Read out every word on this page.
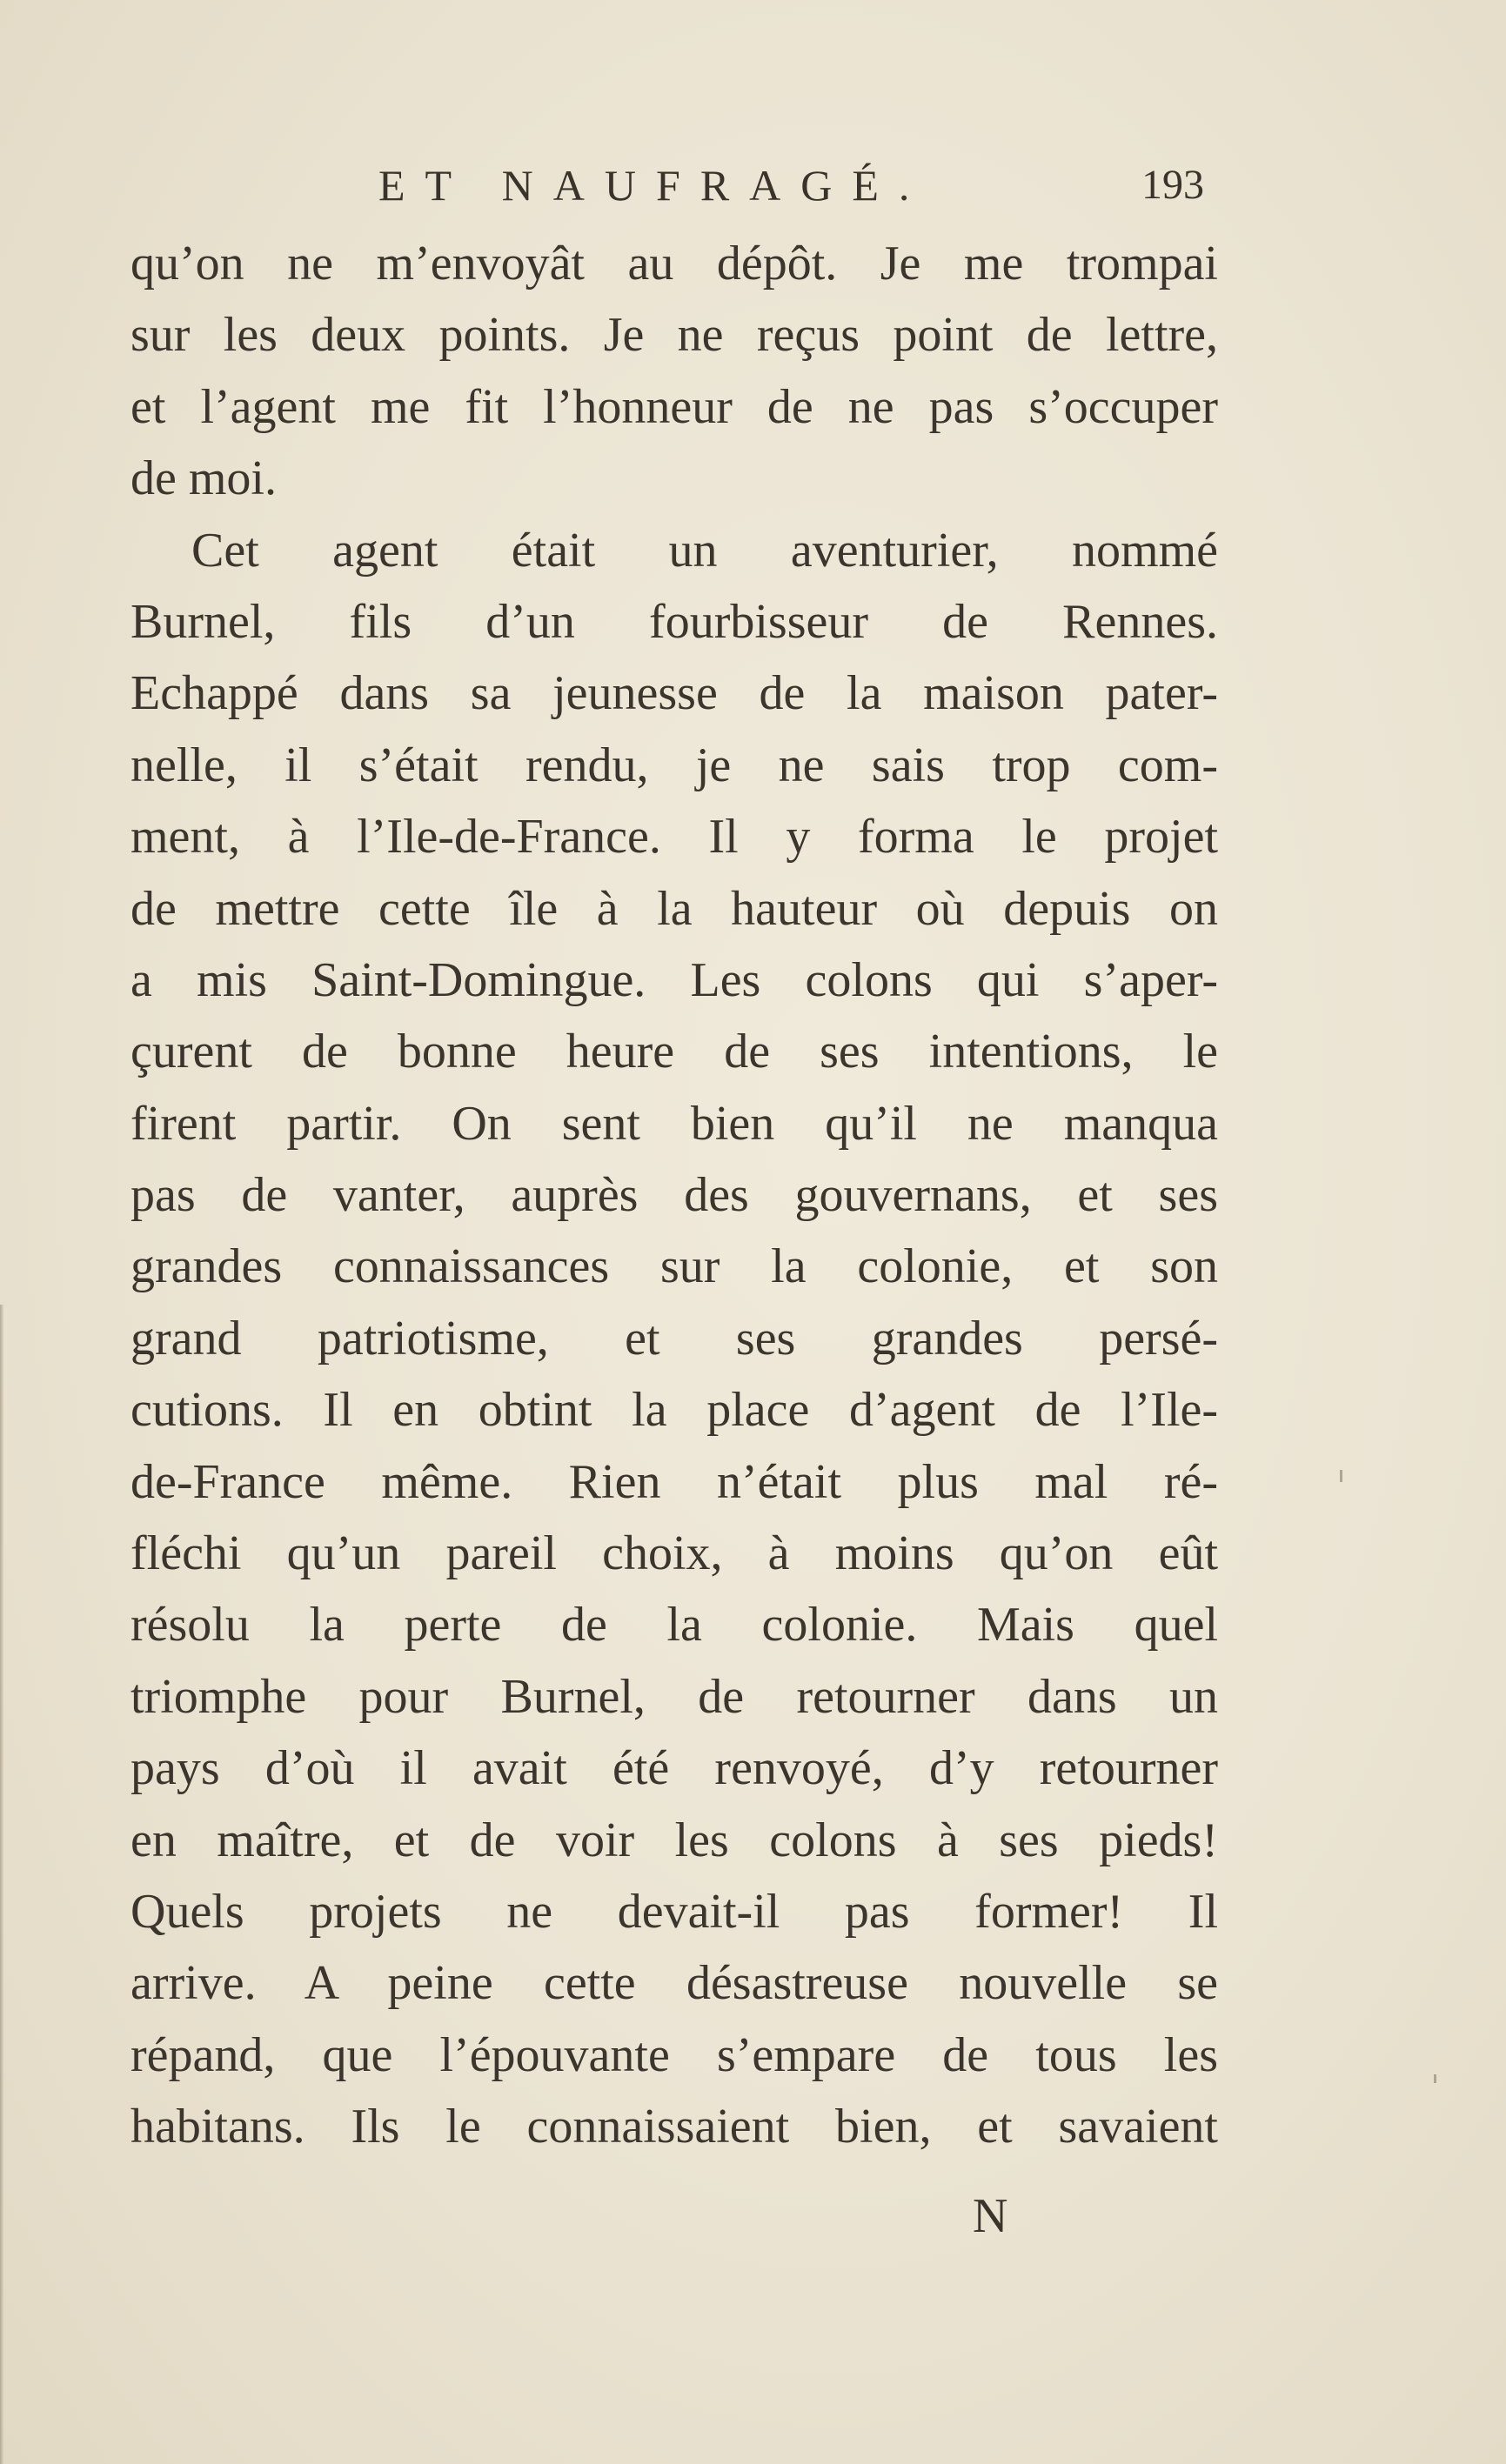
ET NAUFRAGÉ.	193
qu’on ne m’envoyât au dépôt. Je me trompai
sur les deux points. Je ne reçus point de lettre,
et l’agent me fit l’honneur de ne pas s’occuper
de moi.
Cet agent était un aventurier, nommé
Burnel, fils d’un fourbisseur de Rennes.
Echappé dans sa jeunesse de la maison pater-
nelle, il s’était rendu, je ne sais trop com-
ment, à l’Ile-de-France. Il y forma le projet
de mettre cette île à la hauteur où depuis on
a mis Saint-Domingue. Les colons qui s’aper-
çurent de bonne heure de ses intentions, le
firent partir. On sent bien qu’il ne manqua
pas de vanter, auprès des gouvernans, et ses
grandes connaissances sur la colonie, et son
grand patriotisme, et ses grandes persé-
cutions. Il en obtint la place d’agent de l’Ile-
de-France même. Rien n’était plus mal ré-
fléchi qu’un pareil choix, à moins qu’on eût
résolu la perte de la colonie. Mais quel
triomphe pour Burnel, de retourner dans un
pays d’où il avait été renvoyé, d’y retourner
en maître, et de voir les colons à ses pieds!
Quels projets ne devait-il pas former! Il
arrive. A peine cette désastreuse nouvelle se
répand, que l’épouvante s’empare de tous les
habitans. Ils le connaissaient bien, et savaient
N
